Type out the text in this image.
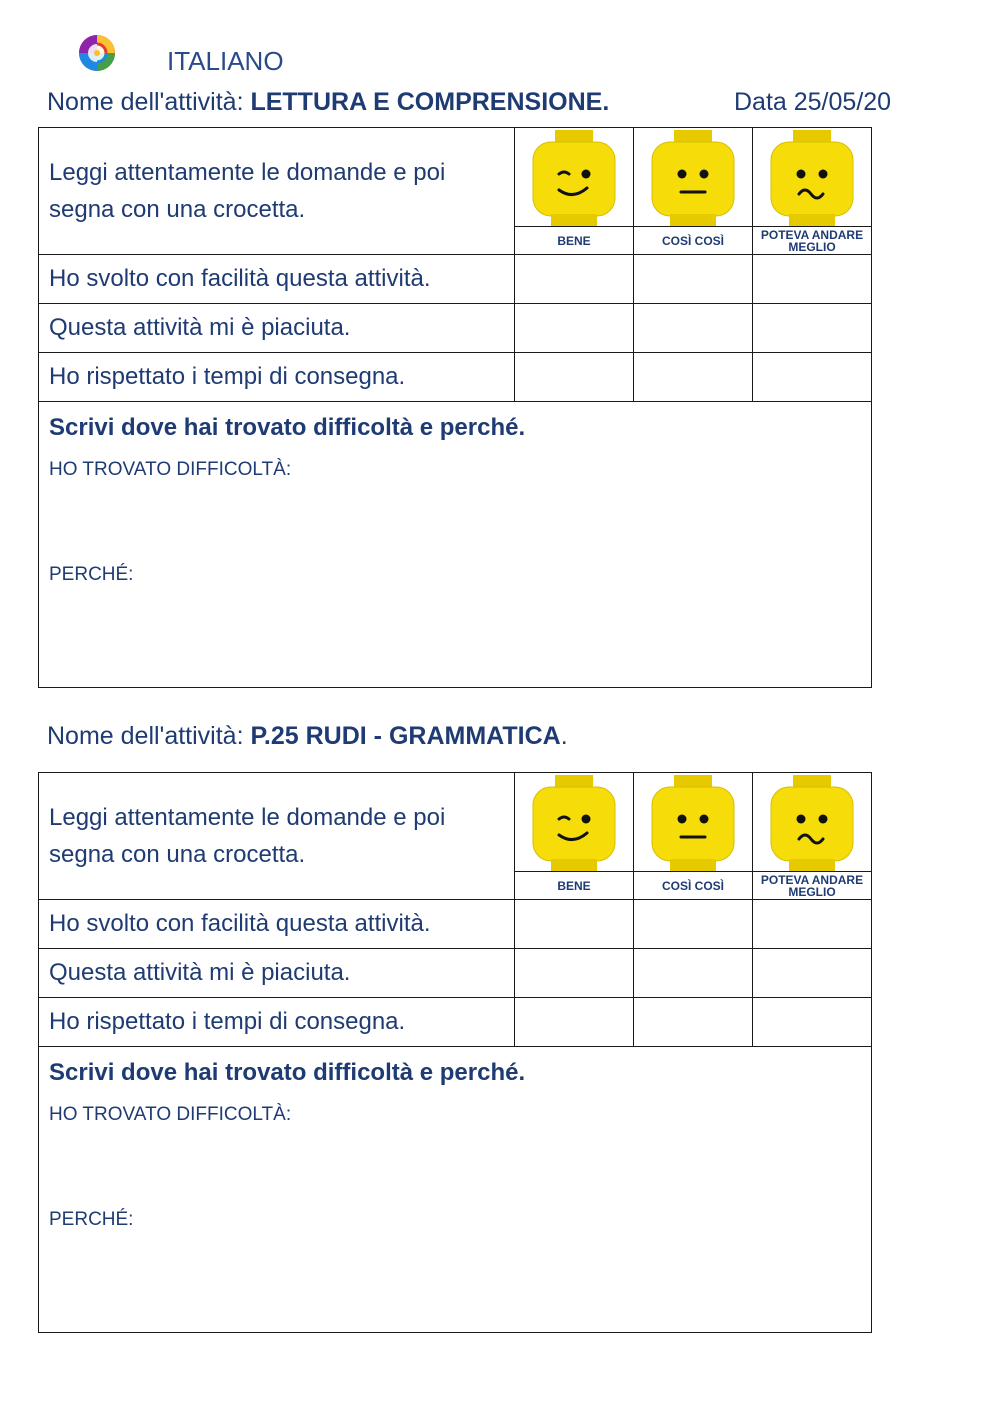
ITALIANO
Nome dell'attività: LETTURA E COMPRENSIONE.	Data 25/05/20
Leggi attentamente le domande e poi segna con una crocetta.	

	BENE	COSÌ COSÌ	POTEVA ANDARE MEGLIO
Ho svolto con facilità questa attività.			
Questa attività mi è piaciuta.			
Ho rispettato i tempi di consegna.			

Scrivi dove hai trovato difficoltà e perché.
HO TROVATO DIFFICOLTÀ:
PERCHÉ:			
Nome dell'attività: P.25 RUDI - GRAMMATICA.
Leggi attentamente le domande e poi segna con una crocetta.	

	BENE	COSÌ COSÌ	POTEVA ANDARE MEGLIO
Ho svolto con facilità questa attività.			
Questa attività mi è piaciuta.			
Ho rispettato i tempi di consegna.			

Scrivi dove hai trovato difficoltà e perché.
HO TROVATO DIFFICOLTÀ:
PERCHÉ:			
